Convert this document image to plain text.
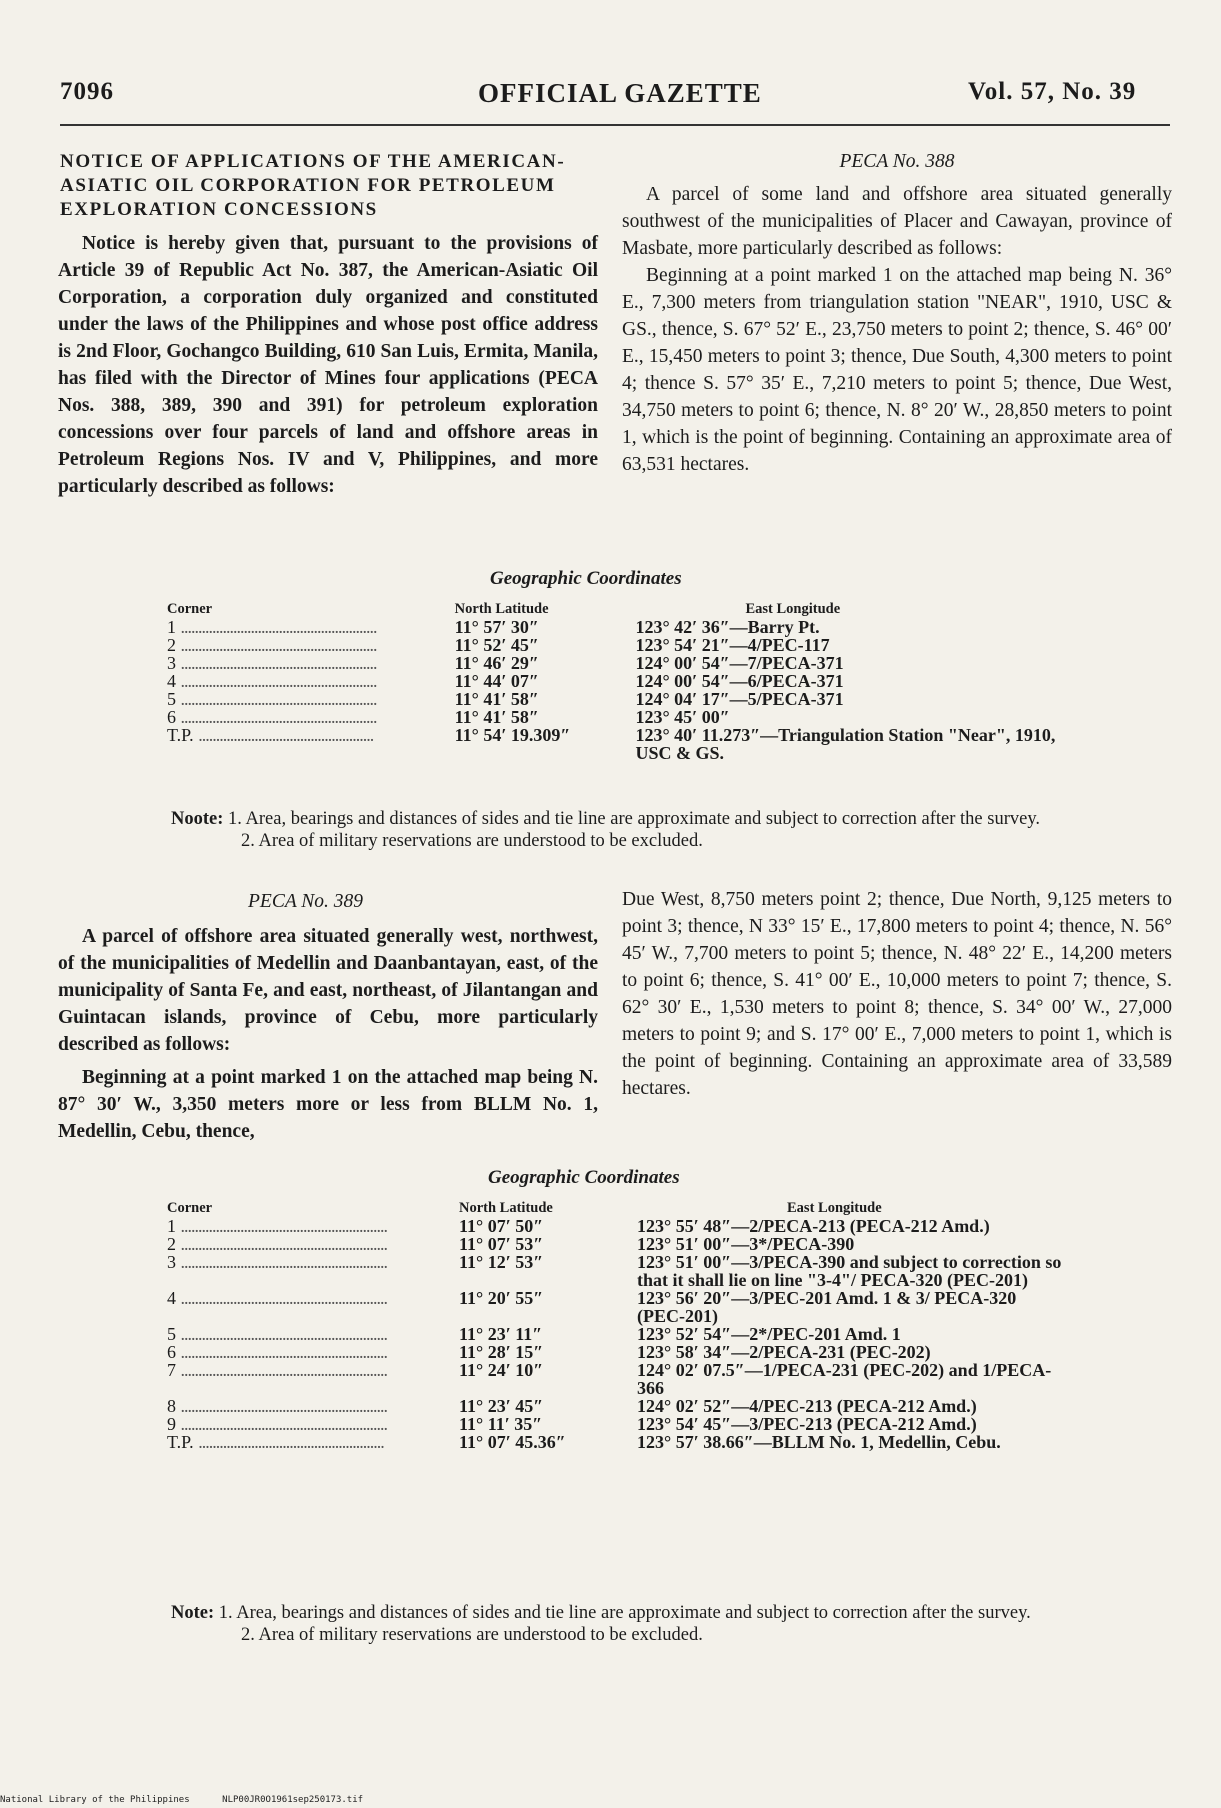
7096	OFFICIAL GAZETTE	Vol. 57, No. 39
NOTICE OF APPLICATIONS OF THE AMERICAN-ASIATIC OIL CORPORATION FOR PETROLEUM EXPLORATION CONCESSIONS

Notice is hereby given that, pursuant to the provisions of Article 39 of Republic Act No. 387, the American-Asiatic Oil Corporation, a corporation duly organized and constituted under the laws of the Philippines and whose post office address is 2nd Floor, Gochangco Building, 610 San Luis, Ermita, Manila, has filed with the Director of Mines four applications (PECA Nos. 388, 389, 390 and 391) for petroleum exploration concessions over four parcels of land and offshore areas in Petroleum Regions Nos. IV and V, Philippines, and more particularly described as follows:

PECA No. 388

A parcel of some land and offshore area situated generally southwest of the municipalities of Placer and Cawayan, province of Masbate, more particularly described as follows:

Beginning at a point marked 1 on the attached map being N. 36° E., 7,300 meters from triangulation station "NEAR", 1910, USC & GS., thence, S. 67° 52′ E., 23,750 meters to point 2; thence, S. 46° 00′ E., 15,450 meters to point 3; thence, Due South, 4,300 meters to point 4; thence S. 57° 35′ E., 7,210 meters to point 5; thence, Due West, 34,750 meters to point 6; thence, N. 8° 20′ W., 28,850 meters to point 1, which is the point of beginning. Containing an approximate area of 63,531 hectares.

Geographic Coordinates
Corner	North Latitude	East Longitude
1 ........................................................	11° 57′ 30″	123° 42′ 36″—Barry Pt.
2 ........................................................	11° 52′ 45″	123° 54′ 21″—4/PEC-117
3 ........................................................	11° 46′ 29″	124° 00′ 54″—7/PECA-371
4 ........................................................	11° 44′ 07″	124° 00′ 54″—6/PECA-371
5 ........................................................	11° 41′ 58″	124° 04′ 17″—5/PECA-371
6 ........................................................	11° 41′ 58″	123° 45′ 00″
T.P. ..................................................	11° 54′ 19.309″	123° 40′ 11.273″—Triangulation Station "Near", 1910, USC & GS.
Noote: 1. Area, bearings and distances of sides and tie line are approximate and subject to correction after the survey.
2. Area of military reservations are understood to be excluded.
PECA No. 389

A parcel of offshore area situated generally west, northwest, of the municipalities of Medellin and Daanbantayan, east, of the municipality of Santa Fe, and east, northeast, of Jilantangan and Guintacan islands, province of Cebu, more particularly described as follows:

Beginning at a point marked 1 on the attached map being N. 87° 30′ W., 3,350 meters more or less from BLLM No. 1, Medellin, Cebu, thence,

Due West, 8,750 meters point 2; thence, Due North, 9,125 meters to point 3; thence, N 33° 15′ E., 17,800 meters to point 4; thence, N. 56° 45′ W., 7,700 meters to point 5; thence, N. 48° 22′ E., 14,200 meters to point 6; thence, S. 41° 00′ E., 10,000 meters to point 7; thence, S. 62° 30′ E., 1,530 meters to point 8; thence, S. 34° 00′ W., 27,000 meters to point 9; and S. 17° 00′ E., 7,000 meters to point 1, which is the point of beginning. Containing an approximate area of 33,589 hectares.

Geographic Coordinates
Corner	North Latitude	East Longitude
1 ...........................................................	11° 07′ 50″	123° 55′ 48″—2/PECA-213 (PECA-212 Amd.)
2 ...........................................................	11° 07′ 53″	123° 51′ 00″—3*/PECA-390
3 ...........................................................	11° 12′ 53″	123° 51′ 00″—3/PECA-390 and subject to correction so that it shall lie on line "3-4"/ PECA-320 (PEC-201)
4 ...........................................................	11° 20′ 55″	123° 56′ 20″—3/PEC-201 Amd. 1 & 3/ PECA-320 (PEC-201)
5 ...........................................................	11° 23′ 11″	123° 52′ 54″—2*/PEC-201 Amd. 1
6 ...........................................................	11° 28′ 15″	123° 58′ 34″—2/PECA-231 (PEC-202)
7 ...........................................................	11° 24′ 10″	124° 02′ 07.5″—1/PECA-231 (PEC-202) and 1/PECA-366
8 ...........................................................	11° 23′ 45″	124° 02′ 52″—4/PEC-213 (PECA-212 Amd.)
9 ...........................................................	11° 11′ 35″	123° 54′ 45″—3/PEC-213 (PECA-212 Amd.)
T.P. .....................................................	11° 07′ 45.36″	123° 57′ 38.66″—BLLM No. 1, Medellin, Cebu.
Note: 1. Area, bearings and distances of sides and tie line are approximate and subject to correction after the survey.
2. Area of military reservations are understood to be excluded.
National Library of the Philippines	NLP00JR0O1961sep250173.tif
